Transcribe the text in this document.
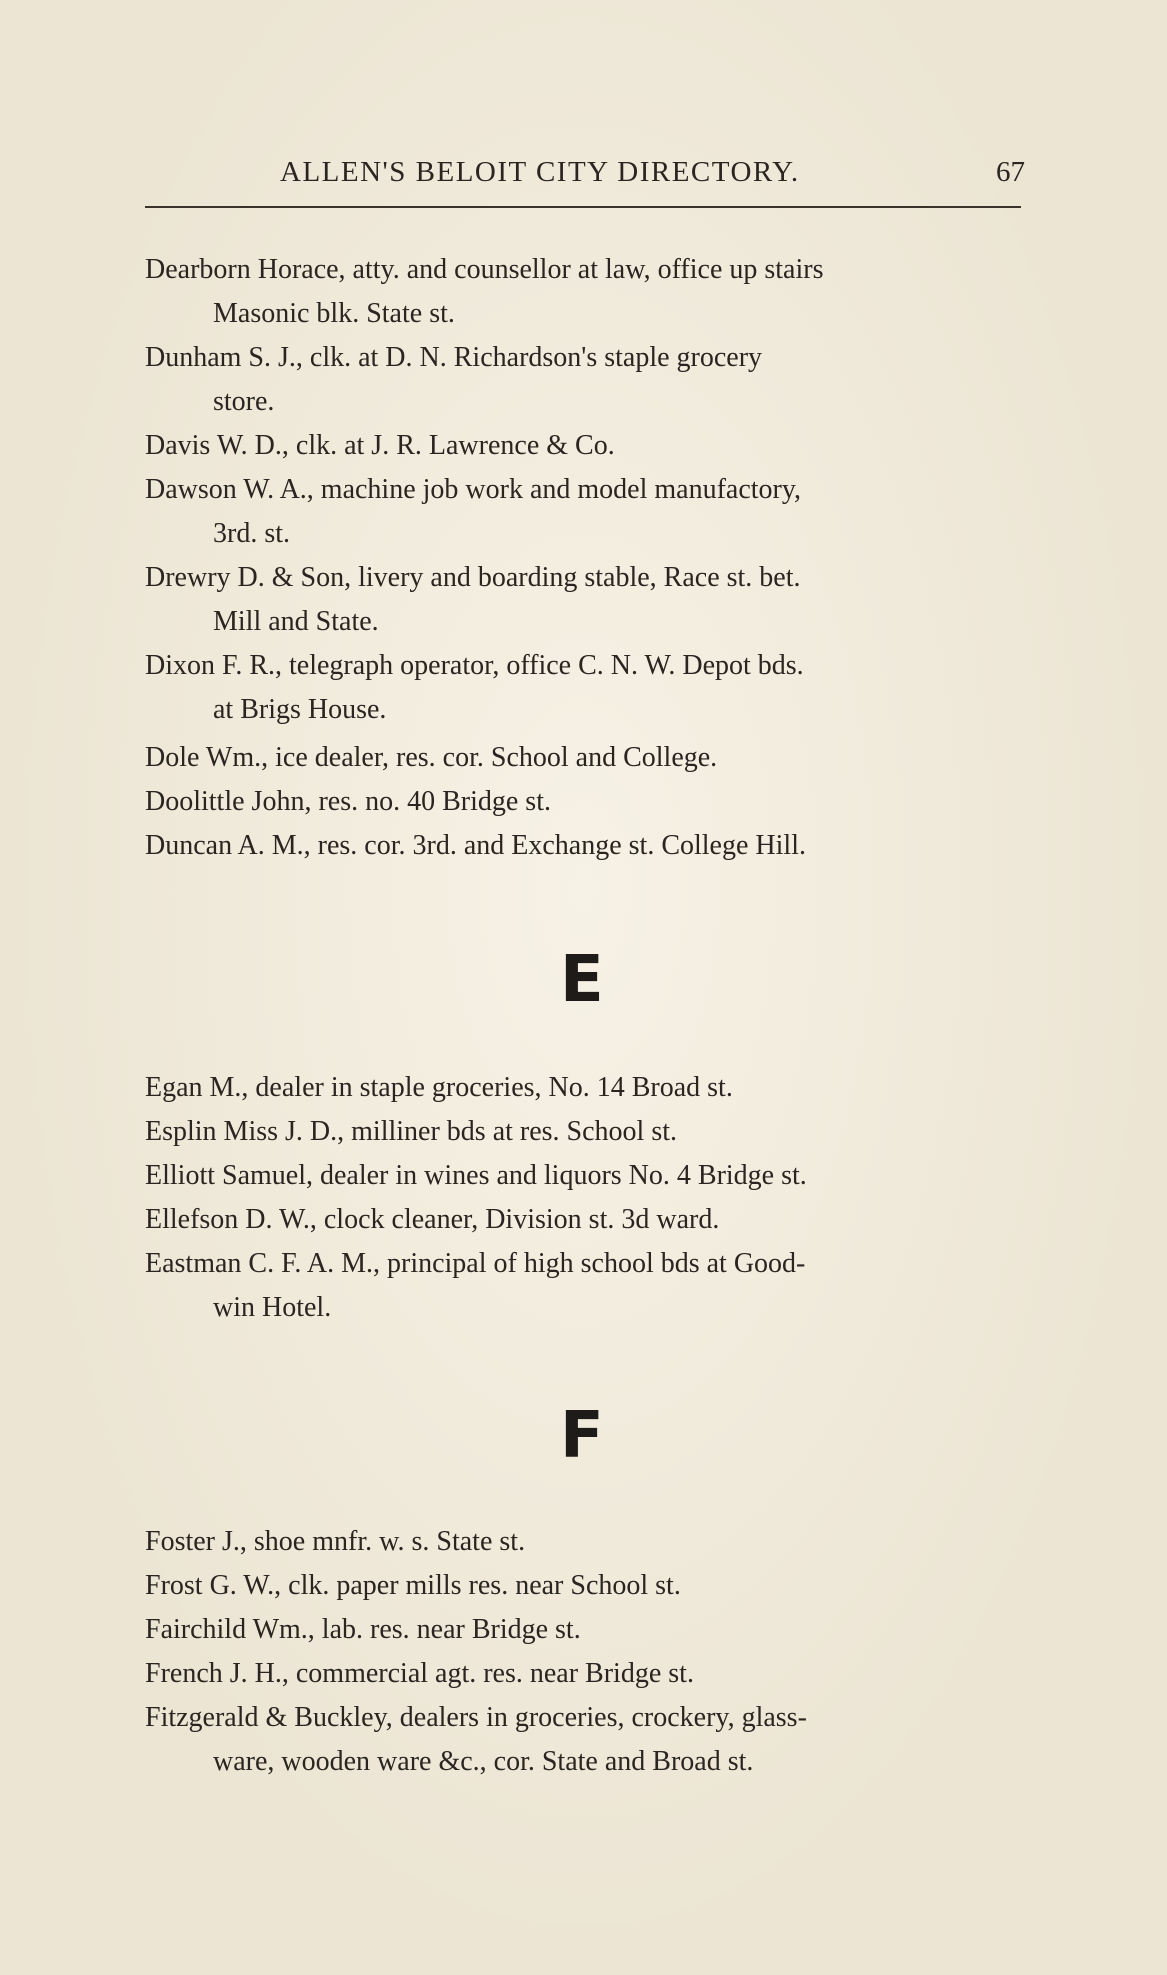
ALLEN'S BELOIT CITY DIRECTORY.	67
Dearborn Horace, atty. and counsellor at law, office up stairs
Masonic blk. State st.
Dunham S. J., clk. at D. N. Richardson's staple grocery
store.
Davis W. D., clk. at J. R. Lawrence & Co.
Dawson W. A., machine job work and model manufactory,
3rd. st.
Drewry D. & Son, livery and boarding stable, Race st. bet.
Mill and State.
Dixon F. R., telegraph operator, office C. N. W. Depot bds.
at Brigs House.
Dole Wm., ice dealer, res. cor. School and College.
Doolittle John, res. no. 40 Bridge st.
Duncan A. M., res. cor. 3rd. and Exchange st. College Hill.
E
Egan M., dealer in staple groceries, No. 14 Broad st.
Esplin Miss J. D., milliner bds at res. School st.
Elliott Samuel, dealer in wines and liquors No. 4 Bridge st.
Ellefson D. W., clock cleaner, Division st. 3d ward.
Eastman C. F. A. M., principal of high school bds at Good-
win Hotel.
F
Foster J., shoe mnfr. w. s. State st.
Frost G. W., clk. paper mills res. near School st.
Fairchild Wm., lab. res. near Bridge st.
French J. H., commercial agt. res. near Bridge st.
Fitzgerald & Buckley, dealers in groceries, crockery, glass-
ware, wooden ware &c., cor. State and Broad st.
